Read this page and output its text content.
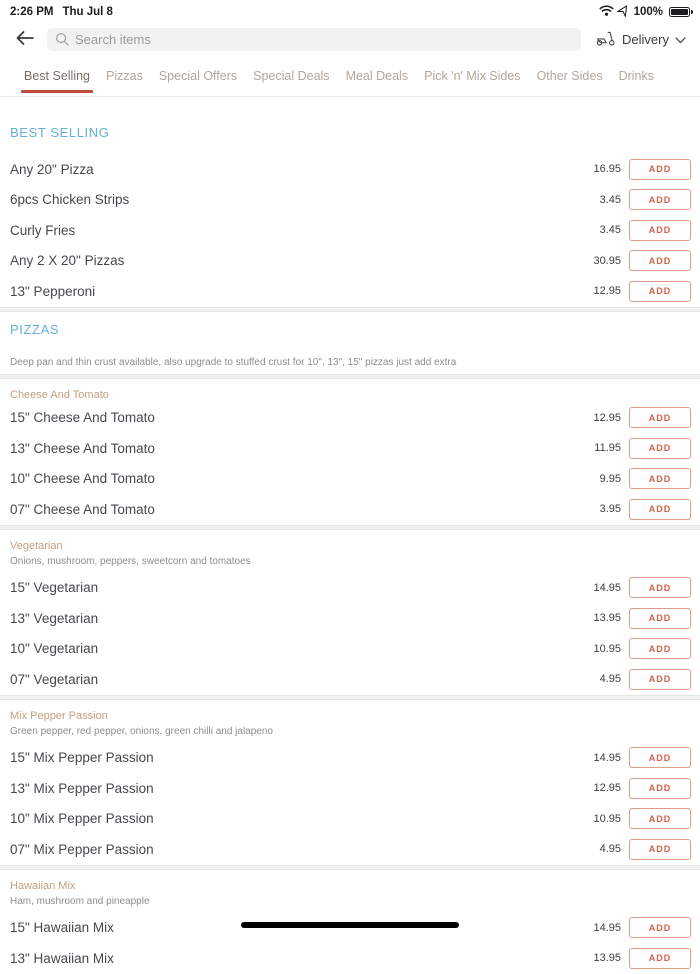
2:26 PM Thu Jul 8	100%
Search items
Delivery
Best Selling Pizzas Special Offers Special Deals Meal Deals Pick 'n' Mix Sides Other Sides Drinks
BEST SELLING
Any 20" Pizza	16.95	ADD
6pcs Chicken Strips	3.45	ADD
Curly Fries	3.45	ADD
Any 2 X 20" Pizzas	30.95	ADD
13" Pepperoni	12.95	ADD
PIZZAS

Deep pan and thin crust available, also upgrade to stuffed crust for 10", 13", 15" pizzas just add extra

Cheese And Tomato
15" Cheese And Tomato	12.95	ADD
13" Cheese And Tomato	11.95	ADD
10" Cheese And Tomato	9.95	ADD
07" Cheese And Tomato	3.95	ADD
Vegetarian

Onions, mushroom, peppers, sweetcorn and tomatoes

15" Vegetarian	14.95	ADD
13" Vegetarian	13.95	ADD
10" Vegetarian	10.95	ADD
07" Vegetarian	4.95	ADD
Mix Pepper Passion

Green pepper, red pepper, onions, green chilli and jalapeno

15" Mix Pepper Passion	14.95	ADD
13" Mix Pepper Passion	12.95	ADD
10" Mix Pepper Passion	10.95	ADD
07" Mix Pepper Passion	4.95	ADD
Hawaiian Mix

Ham, mushroom and pineapple

15" Hawaiian Mix	14.95	ADD
13" Hawaiian Mix	13.95	ADD
